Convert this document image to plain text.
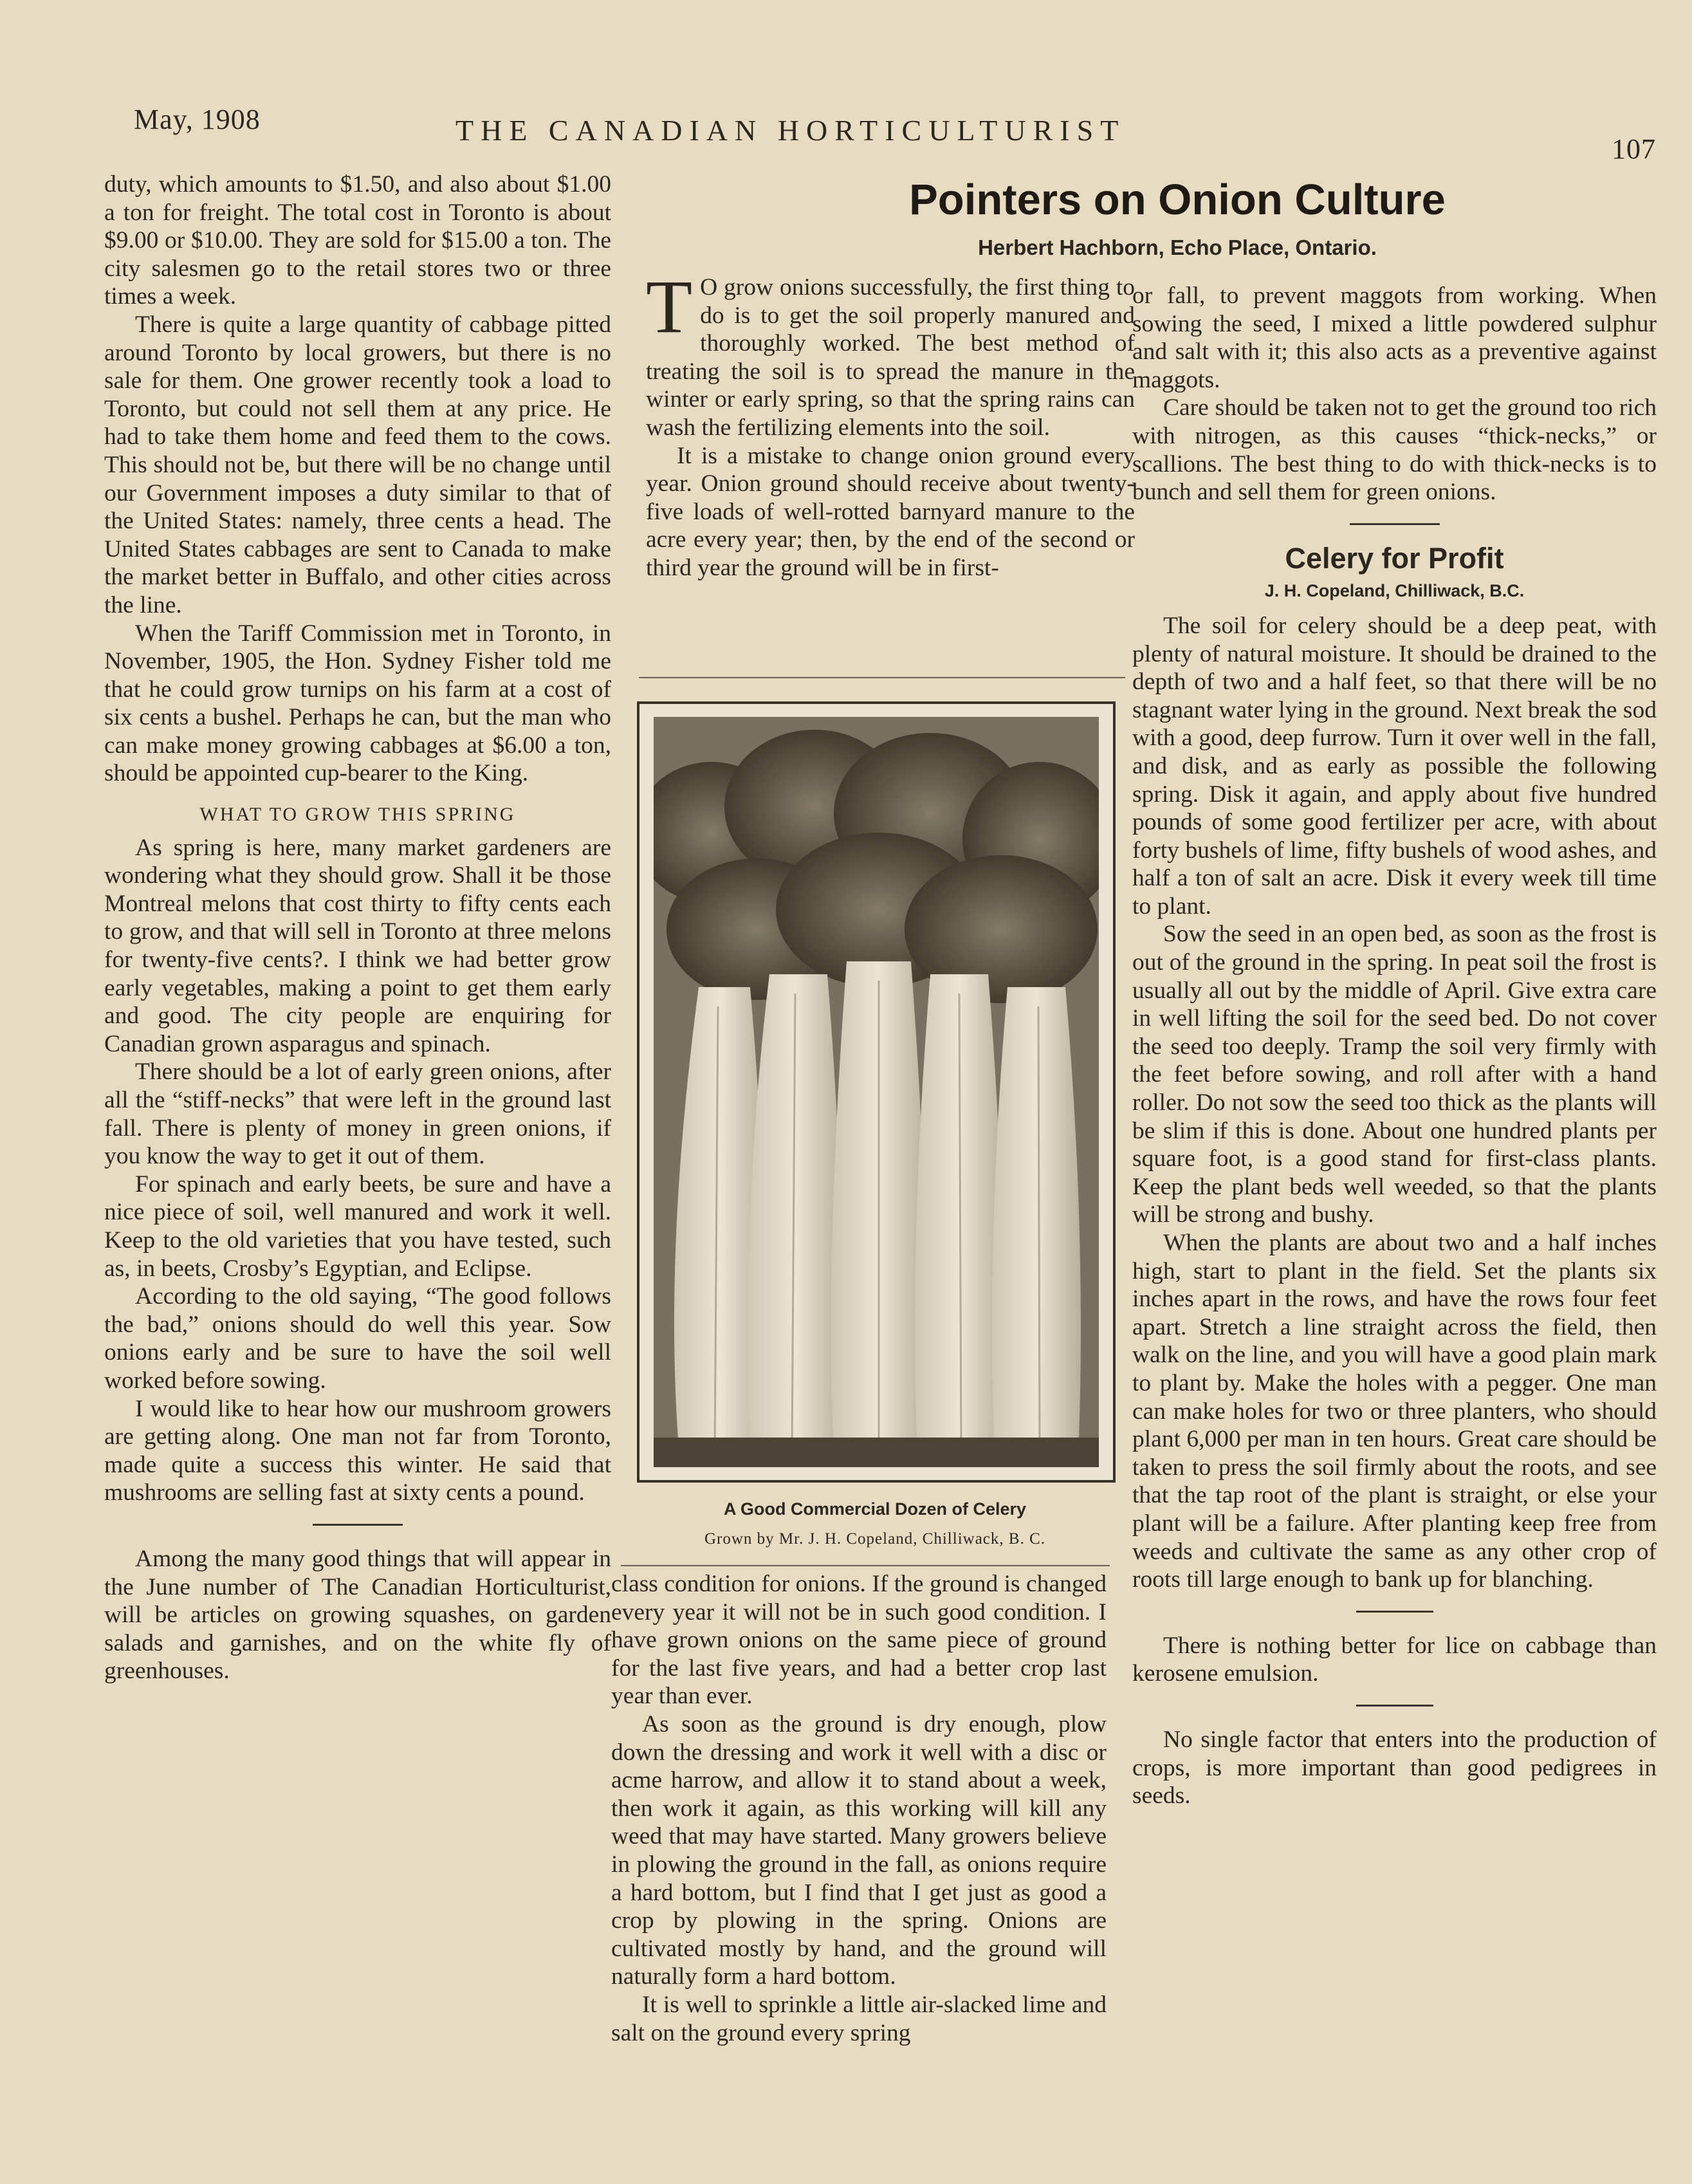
May, 1908	THE CANADIAN HORTICULTURIST
107

duty, which amounts to $1.50, and also about $1.00 a ton for freight. The total cost in Toronto is about $9.00 or $10.00. They are sold for $15.00 a ton. The city salesmen go to the retail stores two or three times a week.

There is quite a large quantity of cabbage pitted around Toronto by local growers, but there is no sale for them. One grower recently took a load to Toronto, but could not sell them at any price. He had to take them home and feed them to the cows. This should not be, but there will be no change until our Government imposes a duty similar to that of the United States: namely, three cents a head. The United States cabbages are sent to Canada to make the market better in Buffalo, and other cities across the line.

When the Tariff Commission met in Toronto, in November, 1905, the Hon. Sydney Fisher told me that he could grow turnips on his farm at a cost of six cents a bushel. Perhaps he can, but the man who can make money growing cabbages at $6.00 a ton, should be appointed cup-bearer to the King.

WHAT TO GROW THIS SPRING

As spring is here, many market gardeners are wondering what they should grow. Shall it be those Montreal melons that cost thirty to fifty cents each to grow, and that will sell in Toronto at three melons for twenty-five cents?. I think we had better grow early vegetables, making a point to get them early and good. The city people are enquiring for Canadian grown asparagus and spinach.

There should be a lot of early green onions, after all the “stiff-necks” that were left in the ground last fall. There is plenty of money in green onions, if you know the way to get it out of them.

For spinach and early beets, be sure and have a nice piece of soil, well manured and work it well. Keep to the old varieties that you have tested, such as, in beets, Crosby’s Egyptian, and Eclipse.

According to the old saying, “The good follows the bad,” onions should do well this year. Sow onions early and be sure to have the soil well worked before sowing.

I would like to hear how our mushroom growers are getting along. One man not far from Toronto, made quite a success this winter. He said that mushrooms are selling fast at sixty cents a pound.

Among the many good things that will appear in the June number of The Canadian Horticulturist, will be articles on growing squashes, on garden salads and garnishes, and on the white fly of greenhouses.

Pointers on Onion Culture
Herbert Hachborn, Echo Place, Ontario.

T O grow onions successfully, the first thing to do is to get the soil properly manured and thoroughly worked. The best method of treating the soil is to spread the manure in the winter or early spring, so that the spring rains can wash the fertilizing elements into the soil.

It is a mistake to change onion ground every year. Onion ground should receive about twenty-five loads of well-rotted barnyard manure to the acre every year; then, by the end of the second or third year the ground will be in first-

A Good Commercial Dozen of Celery
Grown by Mr. J. H. Copeland, Chilliwack, B. C.

class condition for onions. If the ground is changed every year it will not be in such good condition. I have grown onions on the same piece of ground for the last five years, and had a better crop last year than ever.

As soon as the ground is dry enough, plow down the dressing and work it well with a disc or acme harrow, and allow it to stand about a week, then work it again, as this working will kill any weed that may have started. Many growers believe in plowing the ground in the fall, as onions require a hard bottom, but I find that I get just as good a crop by plowing in the spring. Onions are cultivated mostly by hand, and the ground will naturally form a hard bottom.

It is well to sprinkle a little air-slacked lime and salt on the ground every spring

or fall, to prevent maggots from working. When sowing the seed, I mixed a little powdered sulphur and salt with it; this also acts as a preventive against maggots.

Care should be taken not to get the ground too rich with nitrogen, as this causes “thick-necks,” or scallions. The best thing to do with thick-necks is to bunch and sell them for green onions.

Celery for Profit
J. H. Copeland, Chilliwack, B.C.

The soil for celery should be a deep peat, with plenty of natural moisture. It should be drained to the depth of two and a half feet, so that there will be no stagnant water lying in the ground. Next break the sod with a good, deep furrow. Turn it over well in the fall, and disk, and as early as possible the following spring. Disk it again, and apply about five hundred pounds of some good fertilizer per acre, with about forty bushels of lime, fifty bushels of wood ashes, and half a ton of salt an acre. Disk it every week till time to plant.

Sow the seed in an open bed, as soon as the frost is out of the ground in the spring. In peat soil the frost is usually all out by the middle of April. Give extra care in well lifting the soil for the seed bed. Do not cover the seed too deeply. Tramp the soil very firmly with the feet before sowing, and roll after with a hand roller. Do not sow the seed too thick as the plants will be slim if this is done. About one hundred plants per square foot, is a good stand for first-class plants. Keep the plant beds well weeded, so that the plants will be strong and bushy.

When the plants are about two and a half inches high, start to plant in the field. Set the plants six inches apart in the rows, and have the rows four feet apart. Stretch a line straight across the field, then walk on the line, and you will have a good plain mark to plant by. Make the holes with a pegger. One man can make holes for two or three planters, who should plant 6,000 per man in ten hours. Great care should be taken to press the soil firmly about the roots, and see that the tap root of the plant is straight, or else your plant will be a failure. After planting keep free from weeds and cultivate the same as any other crop of roots till large enough to bank up for blanching.

There is nothing better for lice on cabbage than kerosene emulsion.

No single factor that enters into the production of crops, is more important than good pedigrees in seeds.
